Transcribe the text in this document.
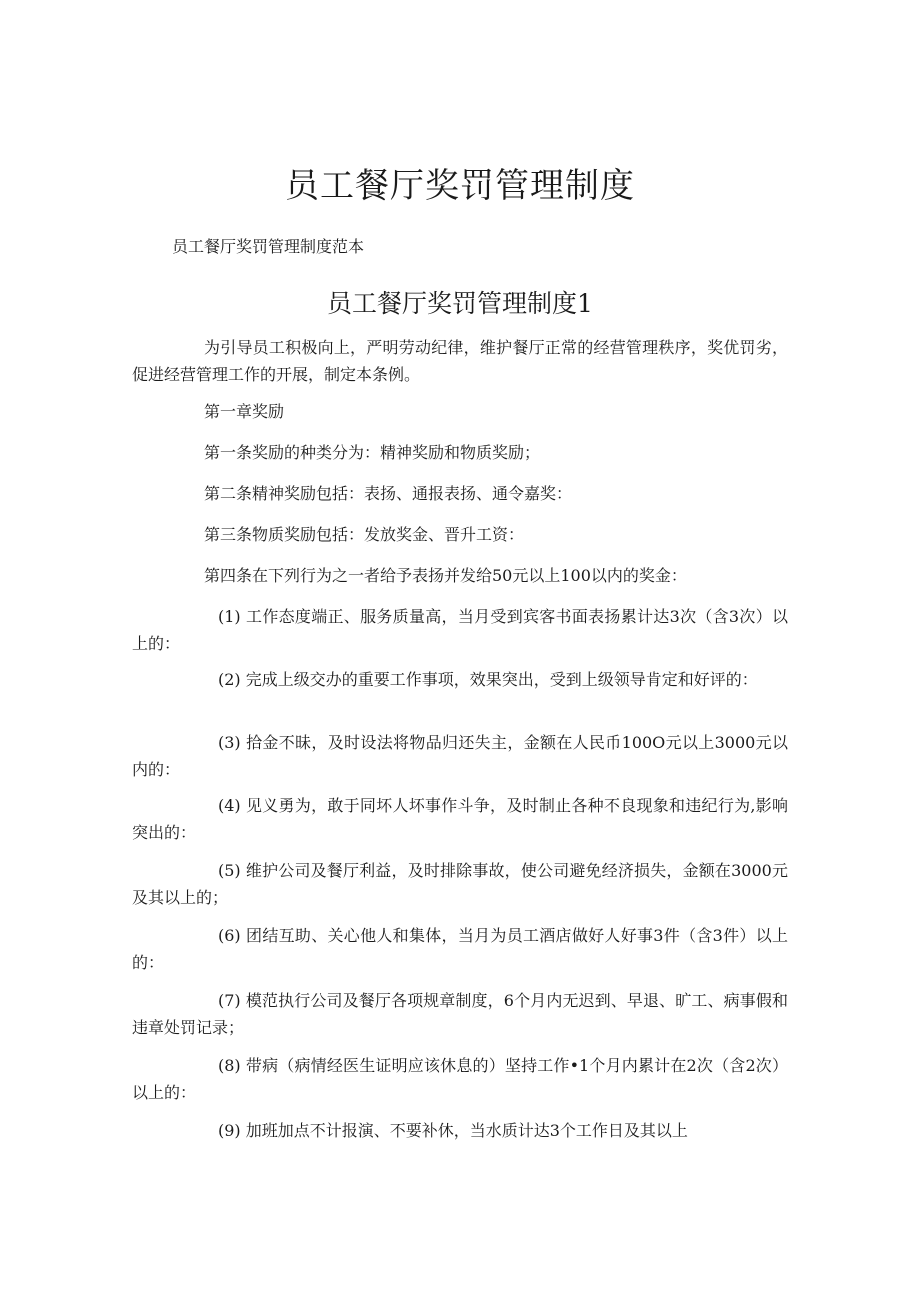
员工餐厅奖罚管理制度

员工餐厅奖罚管理制度范本

员工餐厅奖罚管理制度1

为引导员工积极向上，严明劳动纪律，维护餐厅正常的经营管理秩序，奖优罚劣，促进经营管理工作的开展，制定本条例。

第一章奖励

第一条奖励的种类分为：精神奖励和物质奖励；

第二条精神奖励包括：表扬、通报表扬、通令嘉奖：

第三条物质奖励包括：发放奖金、晋升工资：

第四条在下列行为之一者给予表扬并发给50元以上100以内的奖金：

(1) 工作态度端正、服务质量高，当月受到宾客书面表扬累计达3次（含3次）以上的：

(2) 完成上级交办的重要工作事项，效果突出，受到上级领导肯定和好评的：

(3) 拾金不昧，及时设法将物品归还失主，金额在人民币100O元以上3000元以内的：

(4) 见义勇为，敢于同坏人坏事作斗争，及时制止各种不良现象和违纪行为,影响突出的：

(5) 维护公司及餐厅利益，及时排除事故，使公司避免经济损失，金额在3000元及其以上的；

(6) 团结互助、关心他人和集体，当月为员工酒店做好人好事3件（含3件）以上的：

(7) 模范执行公司及餐厅各项规章制度，6个月内无迟到、早退、旷工、病事假和违章处罚记录；

(8) 带病（病情经医生证明应该休息的）坚持工作•1个月内累计在2次（含2次）以上的：

(9) 加班加点不计报演、不要补休，当水质计达3个工作日及其以上
